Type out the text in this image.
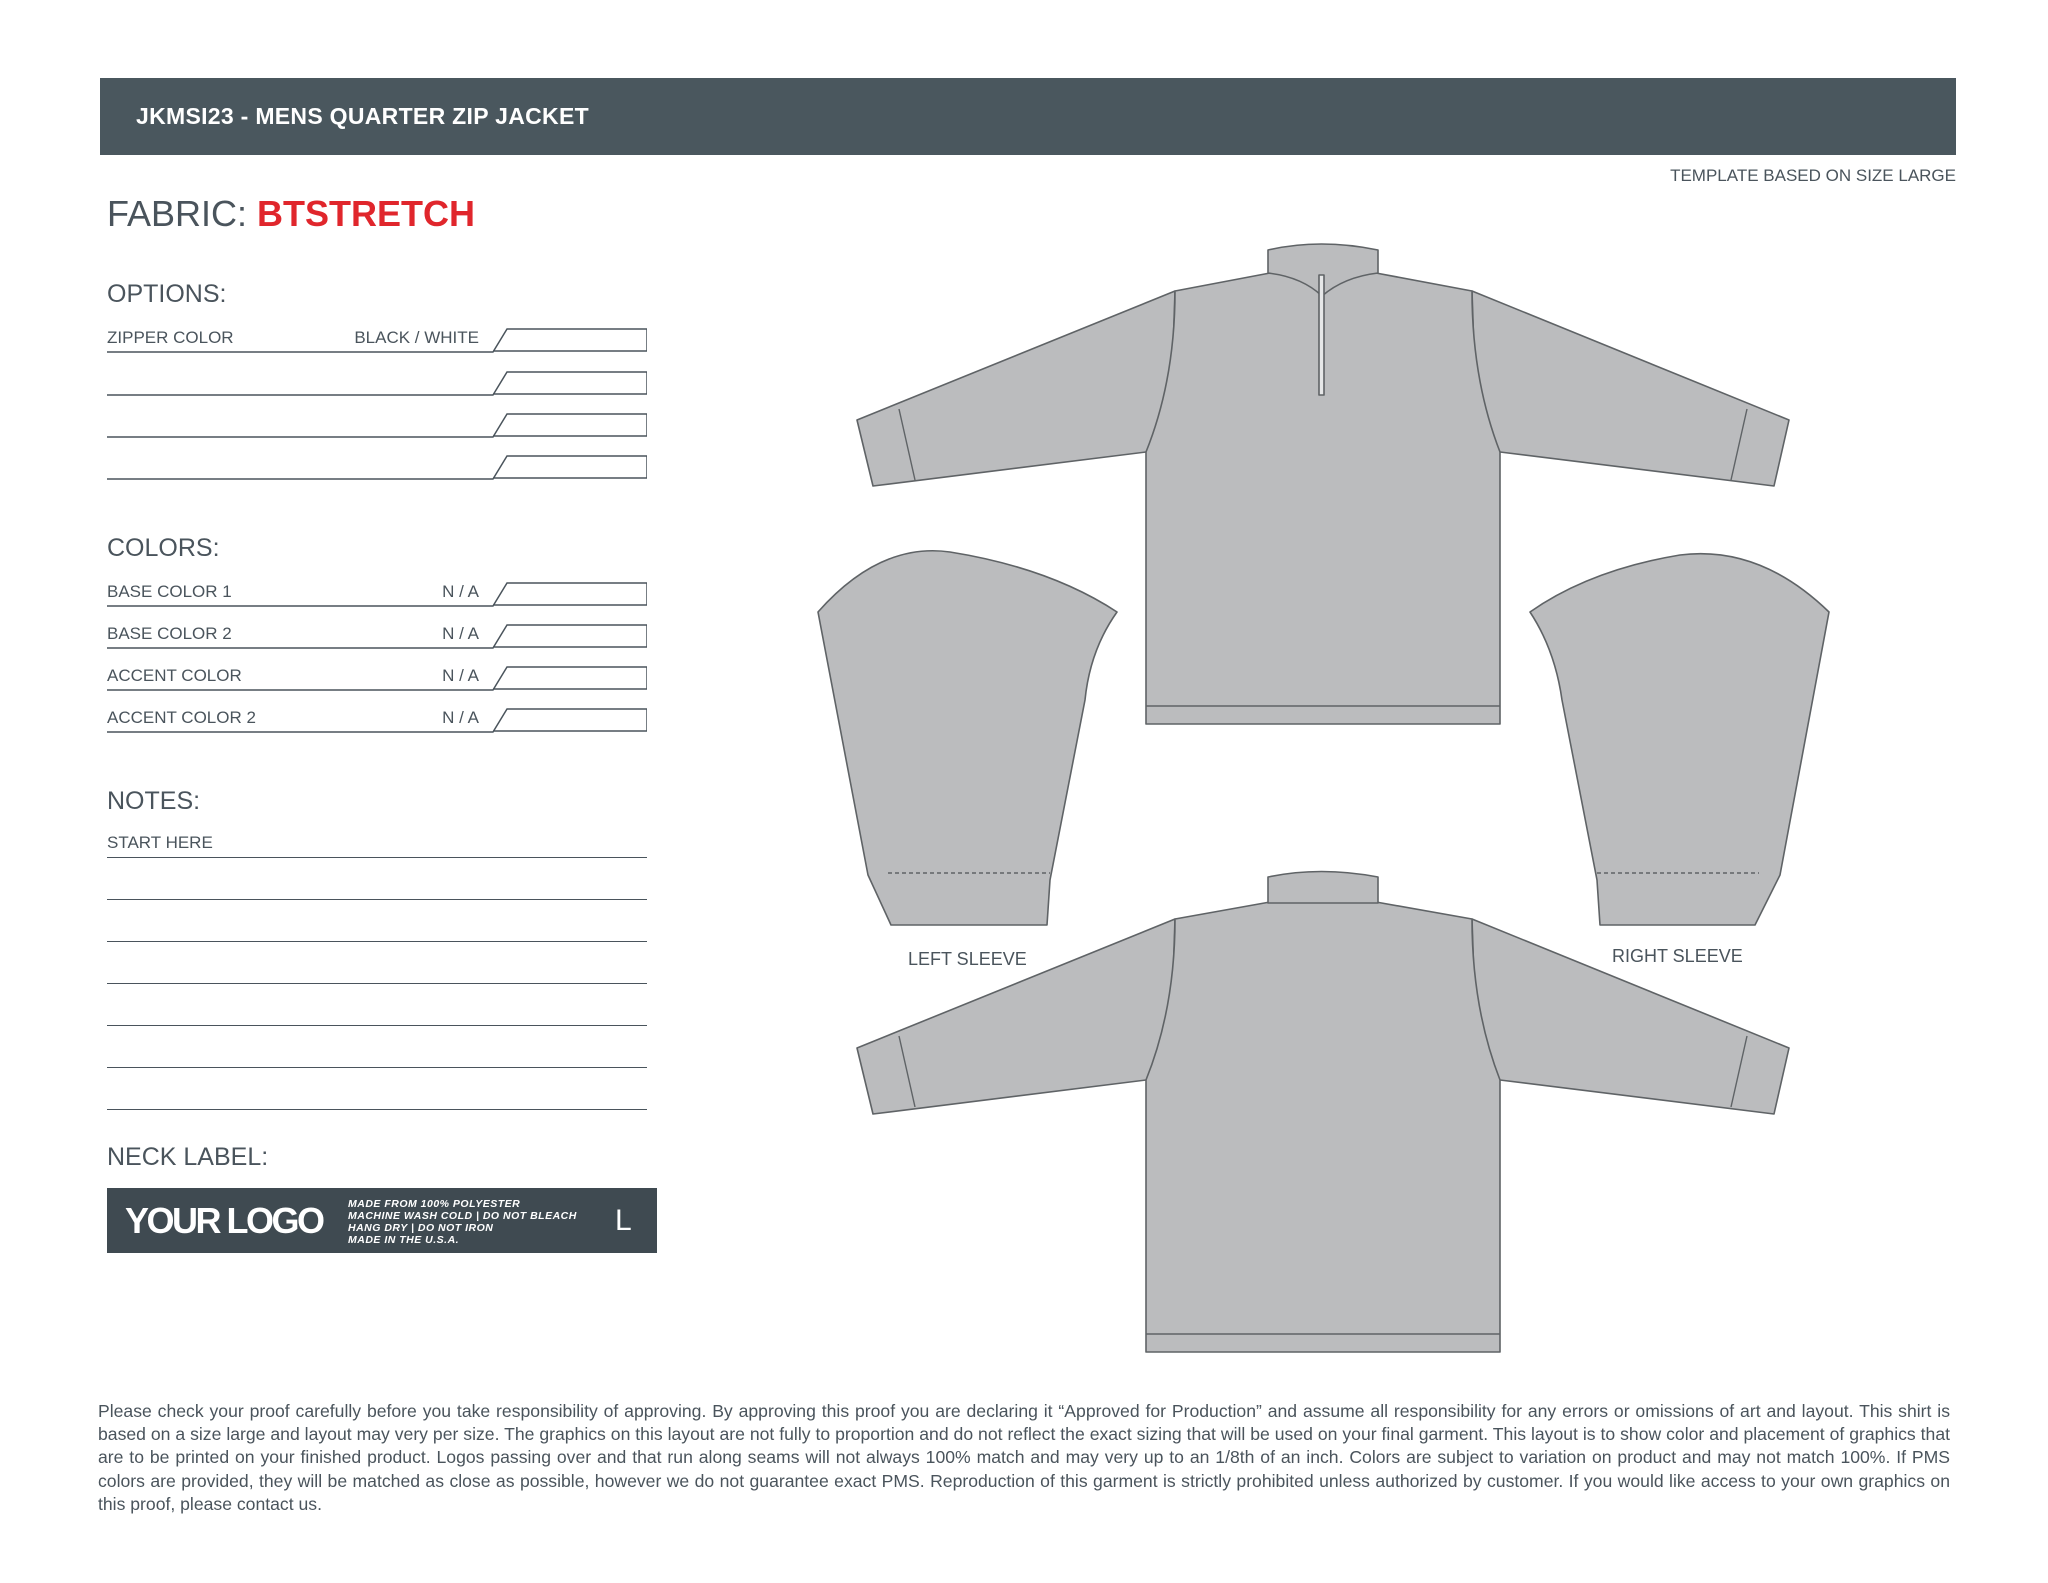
JKMSI23 - MENS QUARTER ZIP JACKET
TEMPLATE BASED ON SIZE LARGE
FABRIC: BTSTRETCH
OPTIONS:
ZIPPER COLOR	BLACK / WHITE
COLORS:
BASE COLOR 1	N / A
BASE COLOR 2	N / A
ACCENT COLOR	N / A
ACCENT COLOR 2	N / A
NOTES:
START HERE
NECK LABEL:
YOUR LOGO MADE FROM 100% POLYESTER
MACHINE WASH COLD | DO NOT BLEACH
HANG DRY | DO NOT IRON
MADE IN THE U.S.A.
L
LEFT SLEEVE	RIGHT SLEEVE
Please check your proof carefully before you take responsibility of approving. By approving this proof you are declaring it “Approved for Production” and assume all responsibility for any errors or omissions of art and layout. This shirt is based on a size large and layout may very per size. The graphics on this layout are not fully to proportion and do not reflect the exact sizing that will be used on your final garment. This layout is to show color and placement of graphics that are to be printed on your finished product. Logos passing over and that run along seams will not always 100% match and may very up to an 1/8th of an inch. Colors are subject to variation on product and may not match 100%. If PMS colors are provided, they will be matched as close as possible, however we do not guarantee exact PMS. Reproduction of this garment is strictly prohibited unless authorized by customer. If you would like access to your own graphics on this proof, please contact us.
